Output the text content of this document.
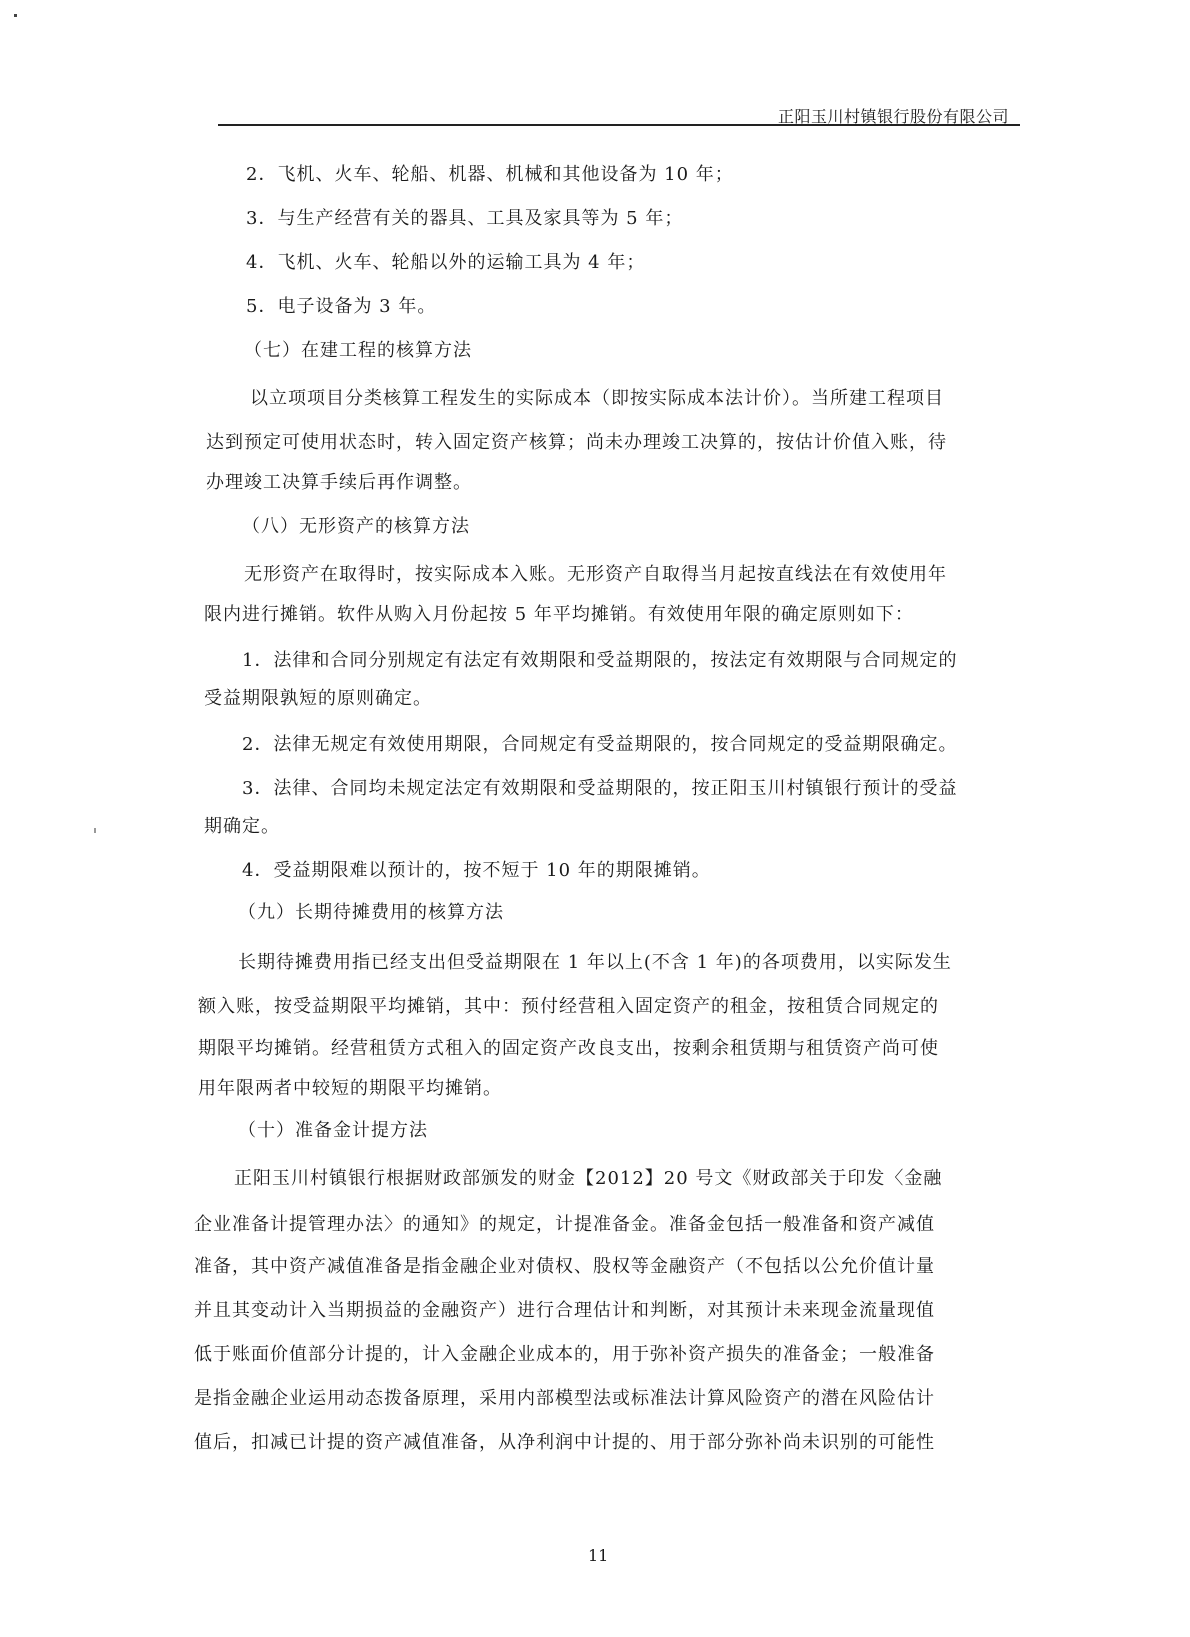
正阳玉川村镇银行股份有限公司
2．飞机、火车、轮船、机器、机械和其他设备为 10 年；
3．与生产经营有关的器具、工具及家具等为 5 年；
4．飞机、火车、轮船以外的运输工具为 4 年；
5．电子设备为 3 年。
（七）在建工程的核算方法
以立项项目分类核算工程发生的实际成本（即按实际成本法计价）。当所建工程项目
达到预定可使用状态时，转入固定资产核算；尚未办理竣工决算的，按估计价值入账，待
办理竣工决算手续后再作调整。
（八）无形资产的核算方法
无形资产在取得时，按实际成本入账。无形资产自取得当月起按直线法在有效使用年
限内进行摊销。软件从购入月份起按 5 年平均摊销。有效使用年限的确定原则如下：
1．法律和合同分别规定有法定有效期限和受益期限的，按法定有效期限与合同规定的
受益期限孰短的原则确定。
2．法律无规定有效使用期限，合同规定有受益期限的，按合同规定的受益期限确定。
3．法律、合同均未规定法定有效期限和受益期限的，按正阳玉川村镇银行预计的受益
期确定。
4．受益期限难以预计的，按不短于 10 年的期限摊销。
（九）长期待摊费用的核算方法
长期待摊费用指已经支出但受益期限在 1 年以上(不含 1 年)的各项费用，以实际发生
额入账，按受益期限平均摊销，其中：预付经营租入固定资产的租金，按租赁合同规定的
期限平均摊销。经营租赁方式租入的固定资产改良支出，按剩余租赁期与租赁资产尚可使
用年限两者中较短的期限平均摊销。
（十）准备金计提方法
正阳玉川村镇银行根据财政部颁发的财金【2012】20 号文《财政部关于印发〈金融
企业准备计提管理办法〉的通知》的规定，计提准备金。准备金包括一般准备和资产减值
准备，其中资产减值准备是指金融企业对债权、股权等金融资产（不包括以公允价值计量
并且其变动计入当期损益的金融资产）进行合理估计和判断，对其预计未来现金流量现值
低于账面价值部分计提的，计入金融企业成本的，用于弥补资产损失的准备金；一般准备
是指金融企业运用动态拨备原理，采用内部模型法或标准法计算风险资产的潜在风险估计
值后，扣减已计提的资产减值准备，从净利润中计提的、用于部分弥补尚未识别的可能性
11
